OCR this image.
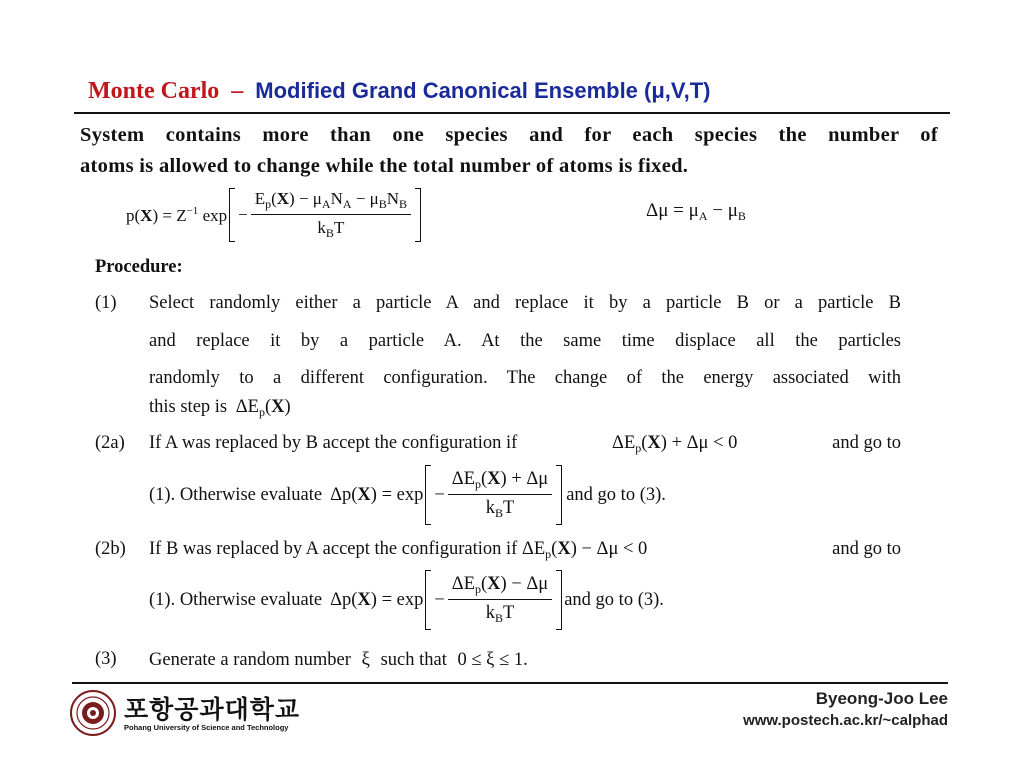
Monte Carlo – Modified Grand Canonical Ensemble (μ,V,T)
System contains more than one species and for each species the number of
atoms is allowed to change while the total number of atoms is fixed.
$p(X) = Z^{-1}$ $\exp - \frac{E_p(X) - \mu_AN_A - \mu_BN_B}{k_BT}$	$\Delta\mu = \mu_A - \mu_B$
Procedure:
(1) Select randomly either a particle A and replace it by a particle B or a particle B
and replace it by a particle A. At the same time displace all the particles
randomly to a different configuration. The change of the energy associated with
this step is $\Delta E_p(X)$
(2a) If A was replaced by B accept the configuration if	$\Delta E_p(X) + \Delta\mu < 0$	and go to
(1). Otherwise evaluate $\Delta p(X) = \exp - \frac{\Delta E_p(X) + \Delta\mu}{k_BT}$ and go to (3).
(2b) If B was replaced by A accept the configuration if $\Delta E_p(X) - \Delta\mu < 0$	and go to
(1). Otherwise evaluate $\Delta p(X) = \exp - \frac{\Delta E_p(X) - \Delta\mu}{k_BT}$ and go to (3).
(3) Generate a random number ξ such that 0 ≤ ξ ≤ 1.
포항공과대학교
Pohang University of Science and Technology
Byeong-Joo Lee
www.postech.ac.kr/~calphad
